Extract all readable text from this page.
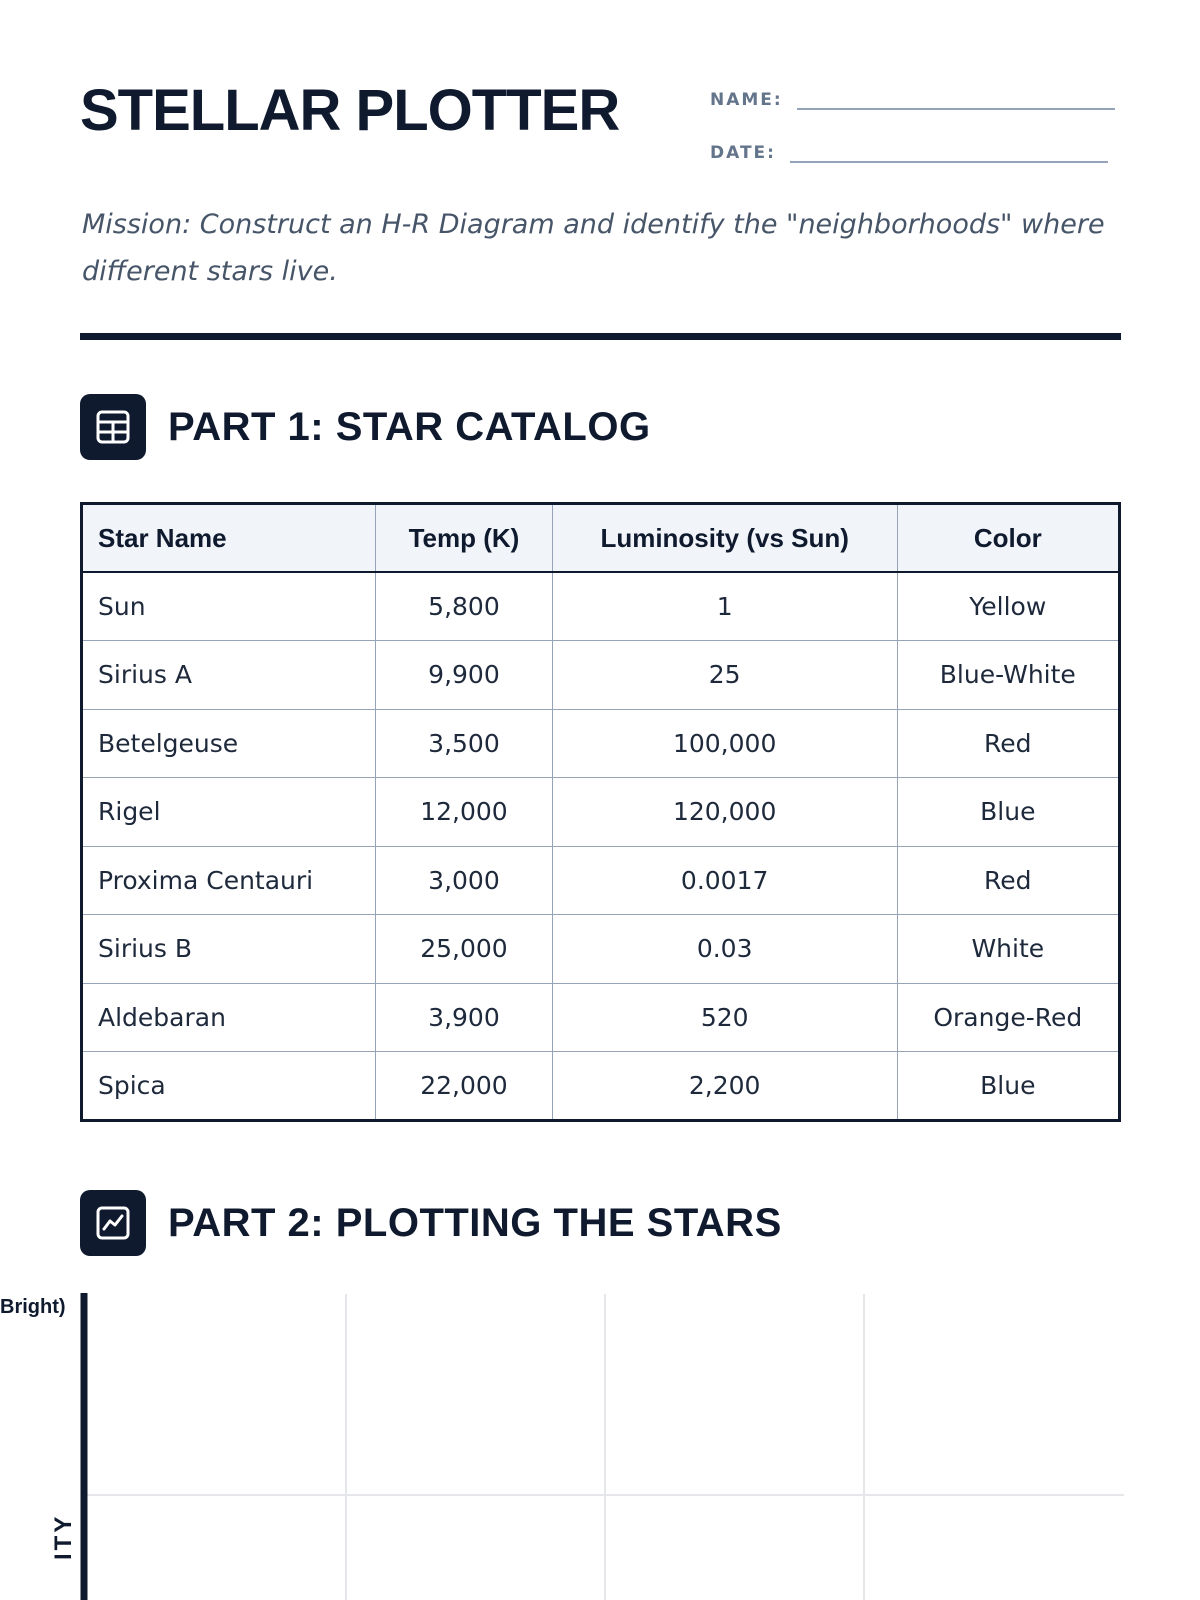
STELLAR PLOTTER	NAME:
DATE:

Mission: Construct an H-R Diagram and identify the "neighborhoods" where different stars live.

PART 1: STAR CATALOG
Star Name	Temp (K)	Luminosity (vs Sun)	Color
Sun	5,800	1	Yellow
Sirius A	9,900	25	Blue-White
Betelgeuse	3,500	100,000	Red
Rigel	12,000	120,000	Blue
Proxima Centauri	3,000	0.0017	Red
Sirius B	25,000	0.03	White
Aldebaran	3,900	520	Orange-Red
Spica	22,000	2,200	Blue
PART 2: PLOTTING THE STARS
Bright)
ITY
